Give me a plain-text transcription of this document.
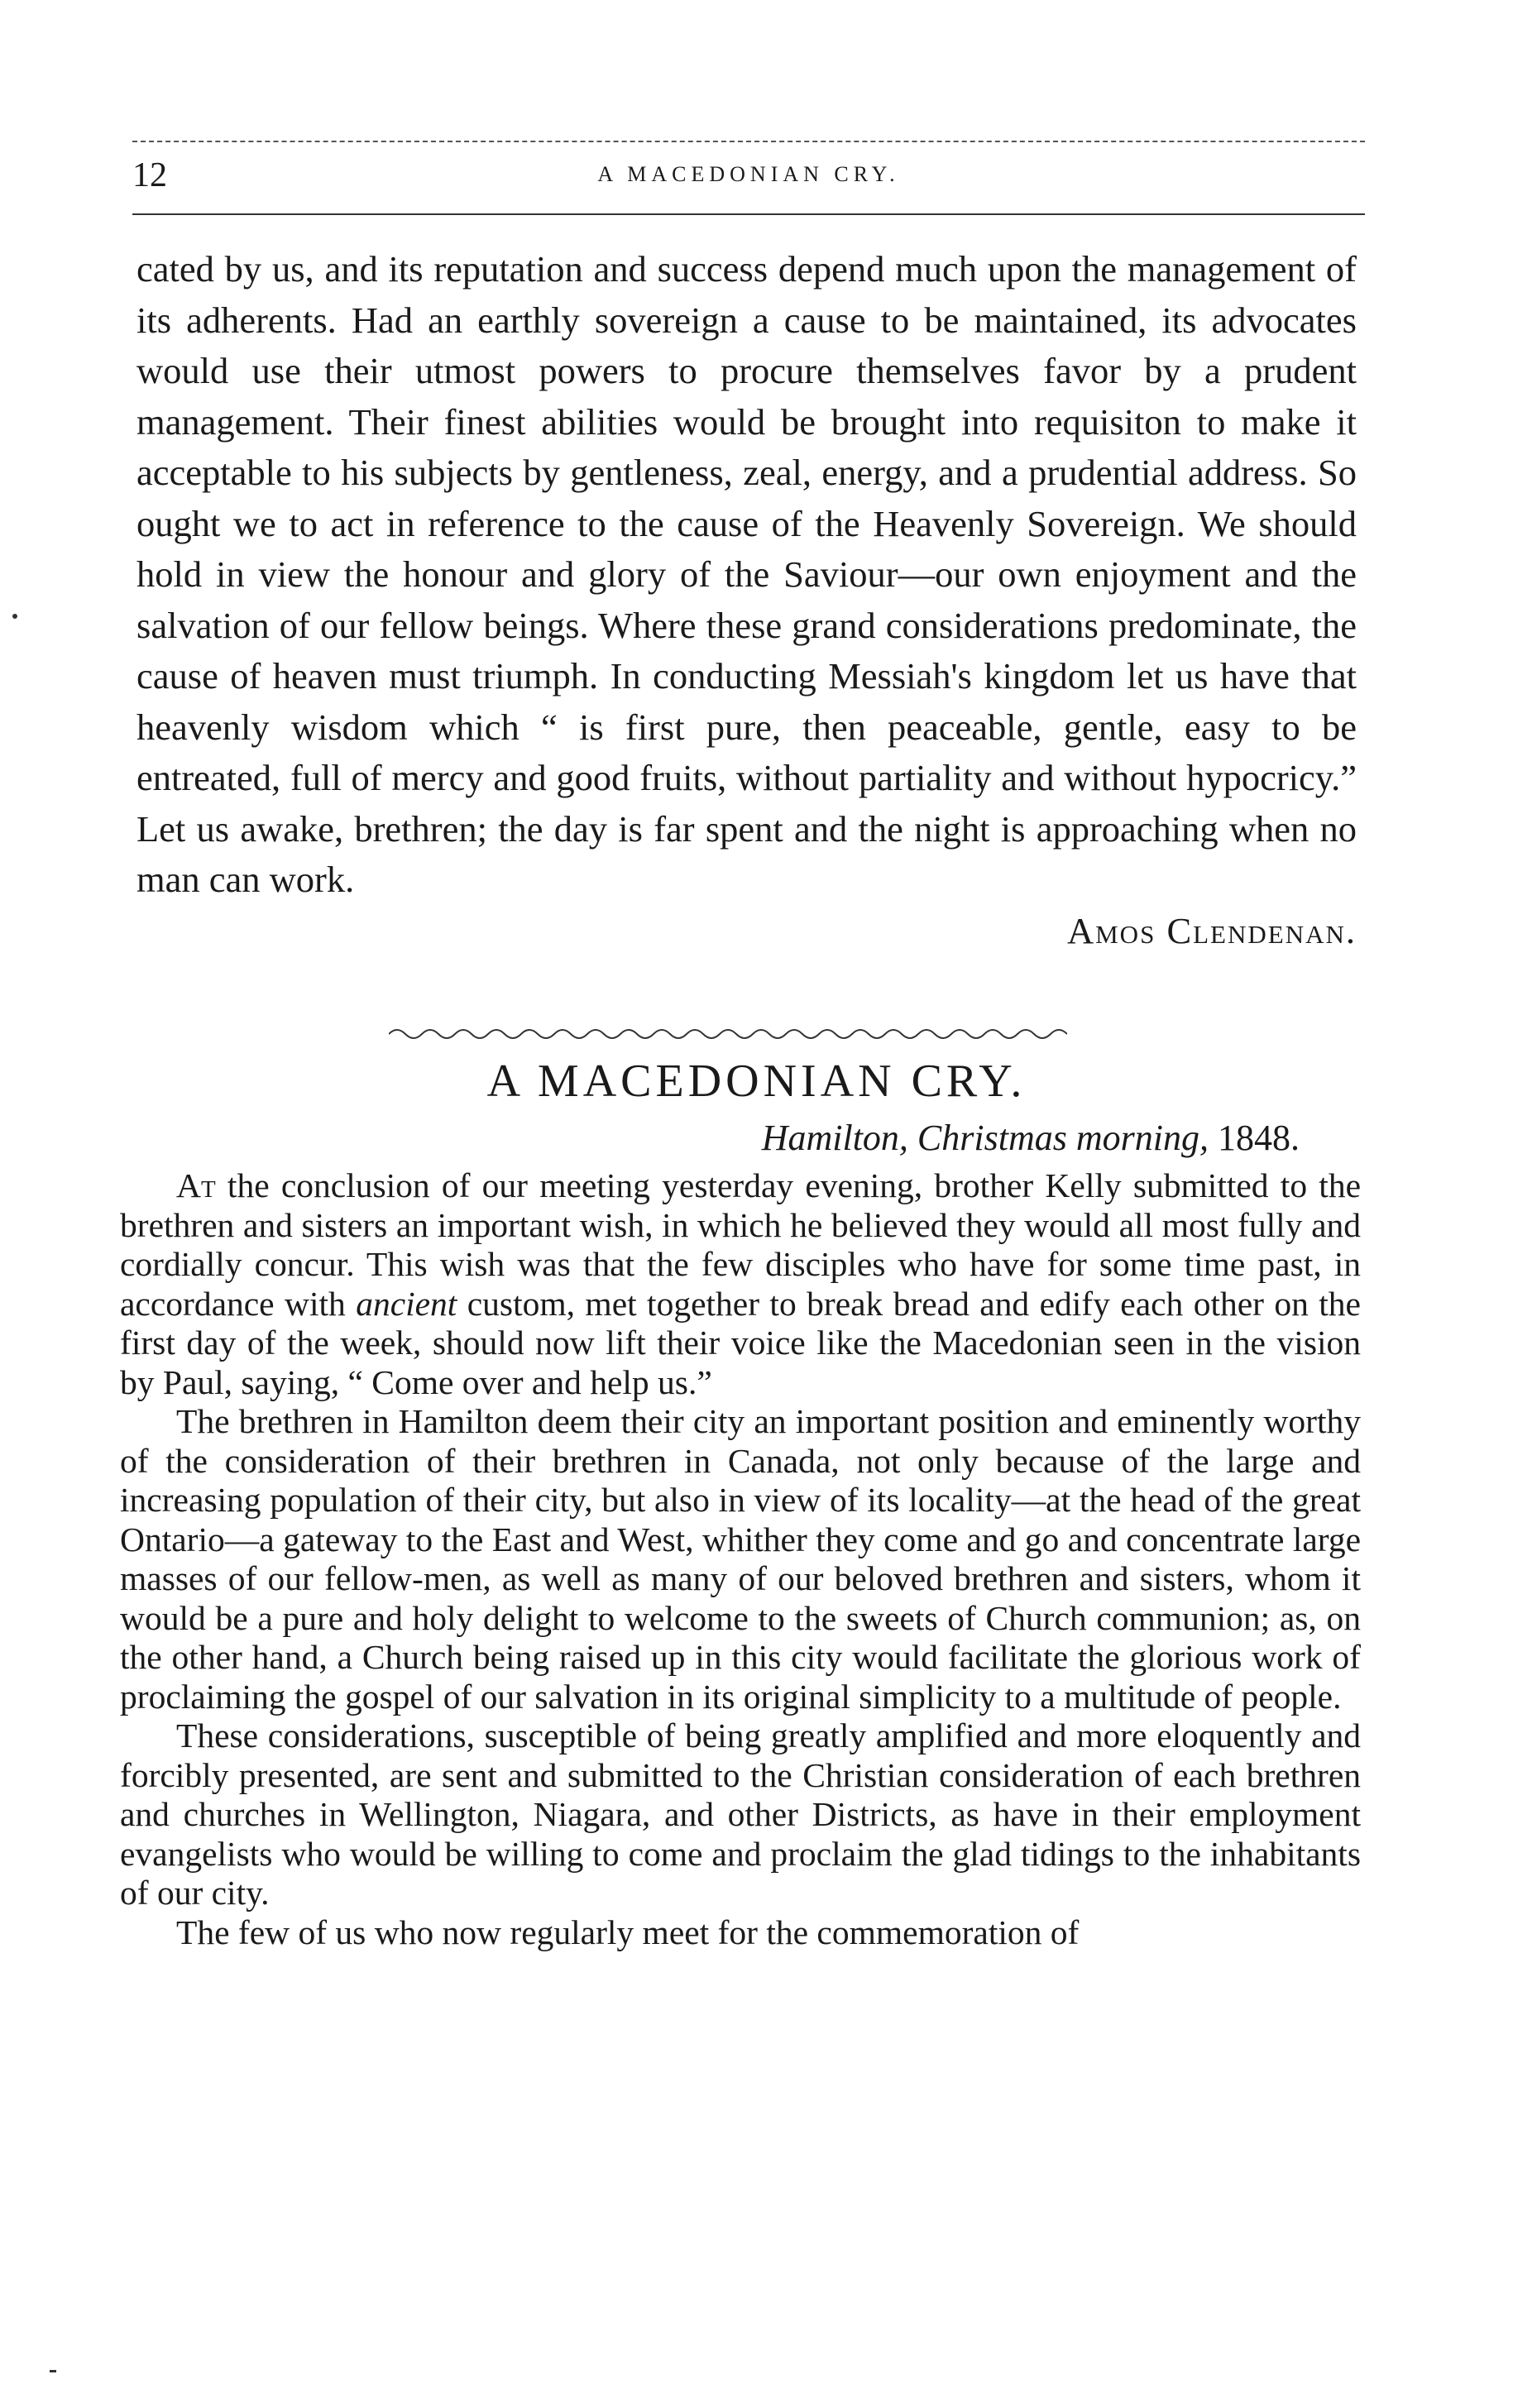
12	A MACEDONIAN CRY.

cated by us, and its reputation and success depend much upon the management of its adherents. Had an earthly sovereign a cause to be maintained, its advocates would use their utmost powers to procure themselves favor by a prudent management. Their finest abilities would be brought into requisiton to make it acceptable to his subjects by gentleness, zeal, energy, and a prudential address. So ought we to act in reference to the cause of the Heavenly Sovereign. We should hold in view the honour and glory of the Saviour—our own enjoyment and the salvation of our fellow beings. Where these grand considerations predominate, the cause of heaven must triumph. In conducting Messiah's kingdom let us have that heavenly wisdom which “ is first pure, then peaceable, gentle, easy to be entreated, full of mercy and good fruits, without partiality and without hypocricy.” Let us awake, brethren; the day is far spent and the night is approaching when no man can work.

Amos Clendenan.

A MACEDONIAN CRY.
Hamilton, Christmas morning, 1848.

At the conclusion of our meeting yesterday evening, brother Kelly submitted to the brethren and sisters an important wish, in which he believed they would all most fully and cordially concur. This wish was that the few disciples who have for some time past, in accordance with ancient custom, met together to break bread and edify each other on the first day of the week, should now lift their voice like the Macedonian seen in the vision by Paul, saying, “ Come over and help us.”

The brethren in Hamilton deem their city an important position and eminently worthy of the consideration of their brethren in Canada, not only because of the large and increasing population of their city, but also in view of its locality—at the head of the great Ontario—a gateway to the East and West, whither they come and go and concentrate large masses of our fellow-men, as well as many of our beloved brethren and sisters, whom it would be a pure and holy delight to welcome to the sweets of Church communion; as, on the other hand, a Church being raised up in this city would facilitate the glorious work of proclaiming the gospel of our salvation in its original simplicity to a multitude of people.

These considerations, susceptible of being greatly amplified and more eloquently and forcibly presented, are sent and submitted to the Christian consideration of each brethren and churches in Wellington, Niagara, and other Districts, as have in their employment evangelists who would be willing to come and proclaim the glad tidings to the inhabitants of our city.

The few of us who now regularly meet for the commemoration of
